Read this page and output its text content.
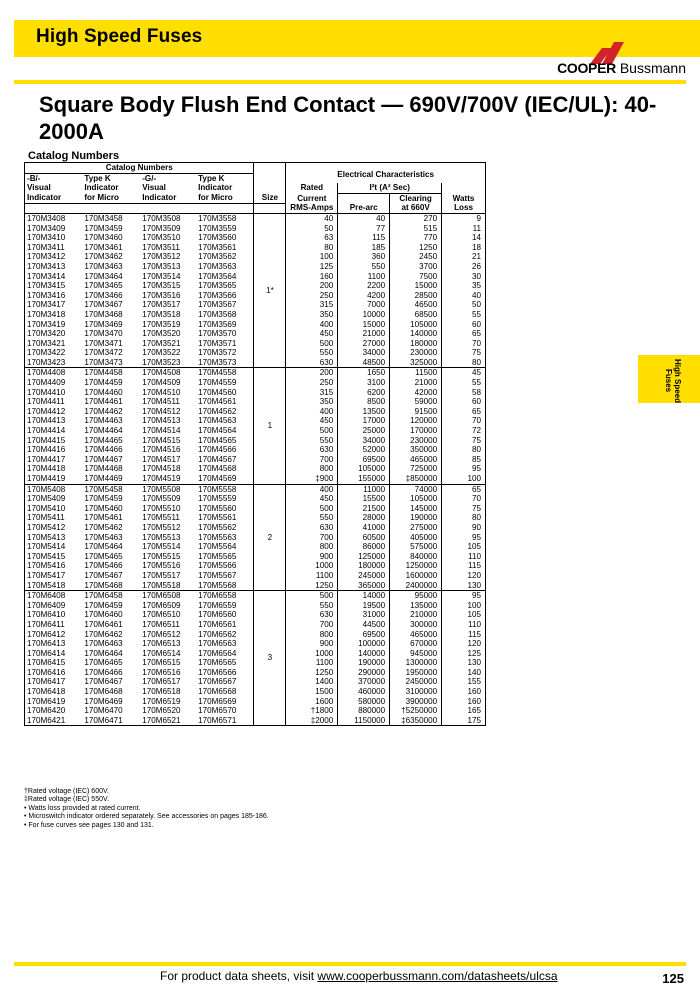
High Speed Fuses
COOPER Bussmann
Square Body Flush End Contact — 690V/700V (IEC/UL): 40-2000A
Catalog Numbers
Catalog Numbers					Electrical Characteristics			
-B/-	Type K	-G/-	Type K					
Visual	Indicator	Visual	Indicator		Rated	I²t (A² Sec)		
Indicator	for Micro	Indicator	for Micro	Size	Current		Clearing	Watts
					RMS-Amps	Pre-arc	at 660V	Loss
170M3408	170M3458	170M3508	170M3558	1*	40	40	270	9
170M3409	170M3459	170M3509	170M3559		50	77	515	11
170M3410	170M3460	170M3510	170M3560		63	115	770	14
170M3411	170M3461	170M3511	170M3561		80	185	1250	18
170M3412	170M3462	170M3512	170M3562		100	360	2450	21
170M3413	170M3463	170M3513	170M3563		125	550	3700	26
170M3414	170M3464	170M3514	170M3564		160	1100	7500	30
170M3415	170M3465	170M3515	170M3565		200	2200	15000	35
170M3416	170M3466	170M3516	170M3566		250	4200	28500	40
170M3417	170M3467	170M3517	170M3567		315	7000	46500	50
170M3418	170M3468	170M3518	170M3568		350	10000	68500	55
170M3419	170M3469	170M3519	170M3569		400	15000	105000	60
170M3420	170M3470	170M3520	170M3570		450	21000	140000	65
170M3421	170M3471	170M3521	170M3571		500	27000	180000	70
170M3422	170M3472	170M3522	170M3572		550	34000	230000	75
170M3423	170M3473	170M3523	170M3573		630	48500	325000	80
170M4408	170M4458	170M4508	170M4558	1	200	1650	11500	45
170M4409	170M4459	170M4509	170M4559		250	3100	21000	55
170M4410	170M4460	170M4510	170M4560		315	6200	42000	58
170M4411	170M4461	170M4511	170M4561		350	8500	59000	60
170M4412	170M4462	170M4512	170M4562		400	13500	91500	65
170M4413	170M4463	170M4513	170M4563		450	17000	120000	70
170M4414	170M4464	170M4514	170M4564		500	25000	170000	72
170M4415	170M4465	170M4515	170M4565		550	34000	230000	75
170M4416	170M4466	170M4516	170M4566		630	52000	350000	80
170M4417	170M4467	170M4517	170M4567		700	69500	465000	85
170M4418	170M4468	170M4518	170M4568		800	105000	725000	95
170M4419	170M4469	170M4519	170M4569		‡900	155000	‡850000	100
170M5408	170M5458	170M5508	170M5558	2	400	11000	74000	65
170M5409	170M5459	170M5509	170M5559		450	15500	105000	70
170M5410	170M5460	170M5510	170M5560		500	21500	145000	75
170M5411	170M5461	170M5511	170M5561		550	28000	190000	80
170M5412	170M5462	170M5512	170M5562		630	41000	275000	90
170M5413	170M5463	170M5513	170M5563		700	60500	405000	95
170M5414	170M5464	170M5514	170M5564		800	86000	575000	105
170M5415	170M5465	170M5515	170M5565		900	125000	840000	110
170M5416	170M5466	170M5516	170M5566		1000	180000	1250000	115
170M5417	170M5467	170M5517	170M5567		1100	245000	1600000	120
170M5418	170M5468	170M5518	170M5568		1250	365000	2400000	130
170M6408	170M6458	170M6508	170M6558	3	500	14000	95000	95
170M6409	170M6459	170M6509	170M6559		550	19500	135000	100
170M6410	170M6460	170M6510	170M6560		630	31000	210000	105
170M6411	170M6461	170M6511	170M6561		700	44500	300000	110
170M6412	170M6462	170M6512	170M6562		800	69500	465000	115
170M6413	170M6463	170M6513	170M6563		900	100000	670000	120
170M6414	170M6464	170M6514	170M6564		1000	140000	945000	125
170M6415	170M6465	170M6515	170M6565		1100	190000	1300000	130
170M6416	170M6466	170M6516	170M6566		1250	290000	1950000	140
170M6417	170M6467	170M6517	170M6567		1400	370000	2450000	155
170M6418	170M6468	170M6518	170M6568		1500	460000	3100000	160
170M6419	170M6469	170M6519	170M6569		1600	580000	3900000	160
170M6420	170M6470	170M6520	170M6570		†1800	880000	†5250000	165
170M6421	170M6471	170M6521	170M6571		‡2000	1150000	‡6350000	175
High Speed Fuses
†Rated voltage (IEC) 600V.
‡Rated voltage (IEC) 550V.
• Watts loss provided at rated current.
• Microswitch indicator ordered separately. See accessories on pages 185-186.
• For fuse curves see pages 130 and 131.
For product data sheets, visit www.cooperbussmann.com/datasheets/ulcsa	125
